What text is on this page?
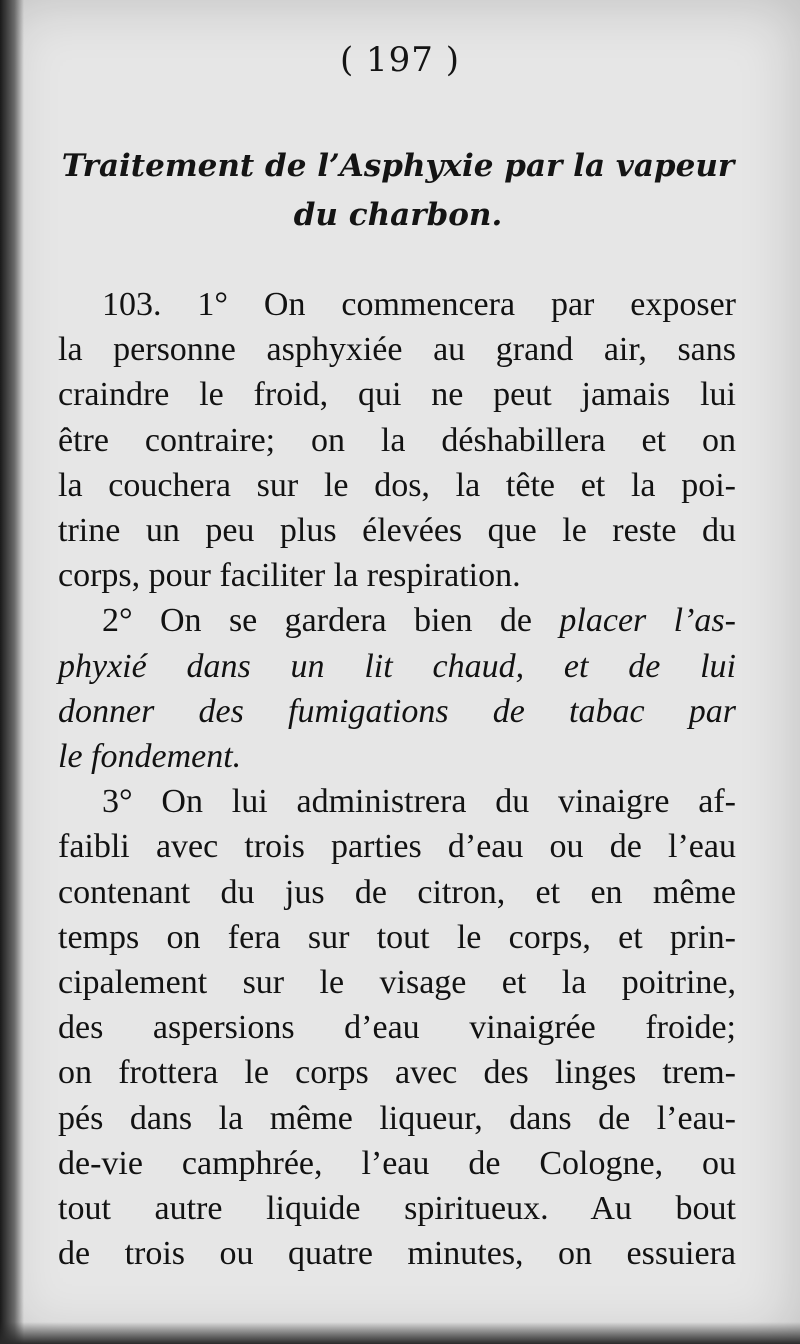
( 197 )
Traitement de l’Asphyxie par la vapeur
du charbon.
103. 1° On commencera par exposer
la personne asphyxiée au grand air, sans
craindre le froid, qui ne peut jamais lui
être contraire; on la déshabillera et on
la couchera sur le dos, la tête et la poi-
trine un peu plus élevées que le reste du
corps, pour faciliter la respiration.
2° On se gardera bien de placer l’as-
phyxié dans un lit chaud, et de lui
donner des fumigations de tabac par
le fondement.
3° On lui administrera du vinaigre af-
faibli avec trois parties d’eau ou de l’eau
contenant du jus de citron, et en même
temps on fera sur tout le corps, et prin-
cipalement sur le visage et la poitrine,
des aspersions d’eau vinaigrée froide;
on frottera le corps avec des linges trem-
pés dans la même liqueur, dans de l’eau-
de-vie camphrée, l’eau de Cologne, ou
tout autre liquide spiritueux. Au bout
de trois ou quatre minutes, on essuiera
